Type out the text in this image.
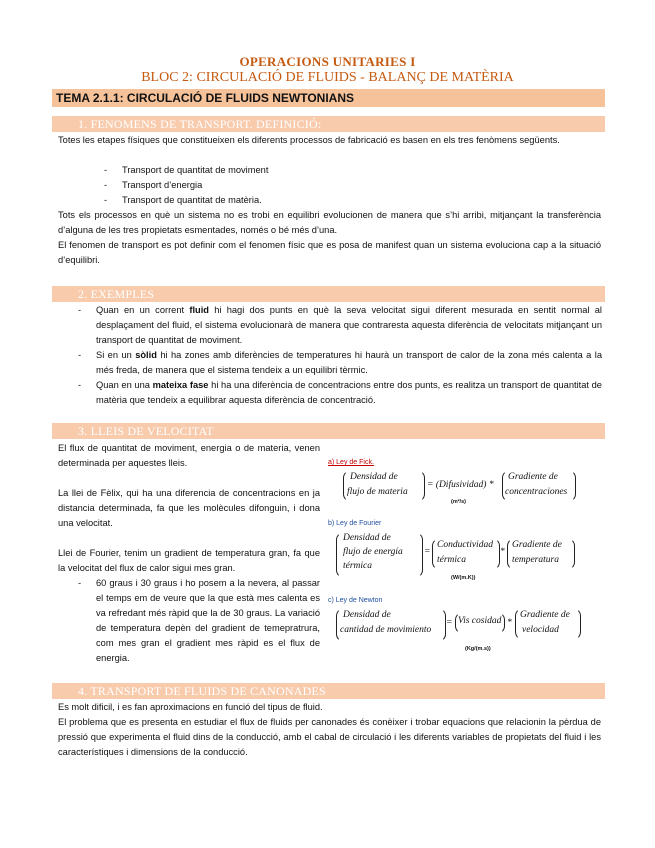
OPERACIONS UNITARIES I
BLOC 2: CIRCULACIÓ DE FLUIDS - BALANÇ DE MATÈRIA
TEMA 2.1.1: CIRCULACIÓ DE FLUIDS NEWTONIANS
1. FENOMENS DE TRANSPORT. DEFINICIÓ:
Totes les etapes físiques que constitueixen els diferents processos de fabricació es basen en els tres fenòmens següents.
- Transport de quantitat de moviment
- Transport d’energia
- Transport de quantitat de matèria.
Tots els processos en què un sistema no es trobi en equilibri evolucionen de manera que s’hi arribi, mitjançant la transferència d’alguna de les tres propietats esmentades, només o bé més d’una.
El fenomen de transport es pot definir com el fenomen físic que es posa de manifest quan un sistema evoluciona cap a la situació d’equilibri.
2. EXEMPLES
- Quan en un corrent fluid hi hagi dos punts en què la seva velocitat sigui diferent mesurada en sentit normal al desplaçament del fluid, el sistema evolucionarà de manera que contraresta aquesta diferència de velocitats mitjançant un transport de quantitat de moviment.
- Si en un sòlid hi ha zones amb diferències de temperatures hi haurà un transport de calor de la zona més calenta a la més freda, de manera que el sistema tendeix a un equilibri tèrmic.
- Quan en una mateixa fase hi ha una diferència de concentracions entre dos punts, es realitza un transport de quantitat de matèria que tendeix a equilibrar aquesta diferència de concentració.
3. LLEIS DE VELOCITAT
El flux de quantitat de moviment, energia o de materia, venen determinada per aquestes lleis.
La llei de Fèlix, qui ha una diferencia de concentracions en ja distancia determinada, fa que les molècules difonguin, i dona una velocitat.
Llei de Fourier, tenim un gradient de temperatura gran, fa que la velocitat del flux de calor sigui mes gran.
- 60 graus i 30 graus i ho posem a la nevera, al passar el temps em de veure que la que està mes calenta es va refredant més ràpid que la de 30 graus. La variació de temperatura depèn del gradient de temepratrura, com mes gran el gradient mes ràpid es el flux de energia.
a) Ley de Fick.
Densidad de
flujo de materia
= (Difusividad) *
Gradiente de
concentraciones
(m²/s)
b) Ley de Fourier
Densidad de
flujo de energía
térmica
=
Conductividad
térmica
*
Gradiente de
temperatura
(W/(m.K))
c) Ley de Newton
Densidad de
cantidad de movimiento
= Vis cosidad *
Gradiente de
velocidad
(Kg/(m.s))
4. TRANSPORT DE FLUIDS DE CANONADES
Es molt dificil, i es fan aproximacions en funció del tipus de fluid.
El problema que es presenta en estudiar el flux de fluids per canonades és conèixer i trobar equacions que relacionin la pèrdua de pressió que experimenta el fluid dins de la conducció, amb el cabal de circulació i les diferents variables de propietats del fluid i les característiques i dimensions de la conducció.
